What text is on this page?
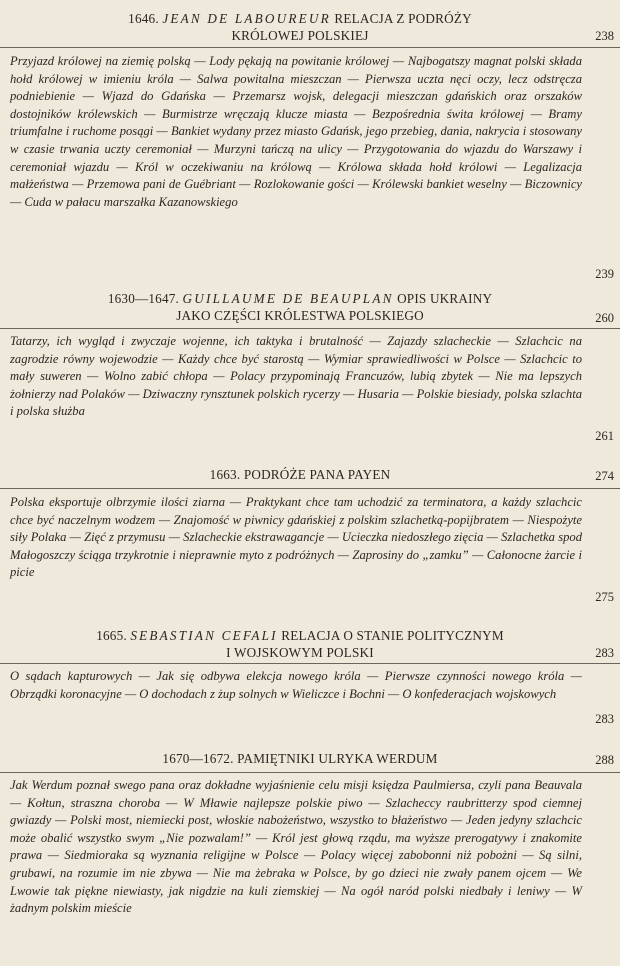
1646. JEAN DE LABOUREUR RELACJA Z PODRÓŻY
KRÓLOWEJ POLSKIEJ	238

Przyjazd królowej na ziemię polską — Lody pękają na powitanie królowej — Najbogatszy magnat polski składa hołd królowej w imieniu króla — Salwa powitalna mieszczan — Pierwsza uczta nęci oczy, lecz odstręcza podniebienie — Wjazd do Gdańska — Przemarsz wojsk, delegacji mieszczan gdańskich oraz orszaków dostojników królewskich — Burmistrze wręczają klucze miasta — Bezpośrednia świta królowej — Bramy triumfalne i ruchome posągi — Bankiet wydany przez miasto Gdańsk, jego przebieg, dania, nakrycia i stosowany w czasie trwania uczty ceremoniał — Murzyni tańczą na ulicy — Przygotowania do wjazdu do Warszawy i ceremoniał wjazdu — Król w oczekiwaniu na królową — Królowa składa hołd królowi — Legalizacja małżeństwa — Przemowa pani de Guébriant — Rozlokowanie gości — Królewski bankiet weselny — Biczownicy — Cuda w pałacu marszałka Kazanowskiego

239
1630—1647. GUILLAUME DE BEAUPLAN OPIS UKRAINY
JAKO CZĘŚCI KRÓLESTWA POLSKIEGO	260

Tatarzy, ich wygląd i zwyczaje wojenne, ich taktyka i brutalność — Zajazdy szlacheckie — Szlachcic na zagrodzie równy wojewodzie — Każdy chce być starostą — Wymiar sprawiedliwości w Polsce — Szlachcic to mały suweren — Wolno zabić chłopa — Polacy przypominają Francuzów, lubią zbytek — Nie ma lepszych żołnierzy nad Polaków — Dziwaczny rynsztunek polskich rycerzy — Husaria — Polskie biesiady, polska szlachta i polska służba

261
1663. PODRÓŻE PANA PAYEN	274

Polska eksportuje olbrzymie ilości ziarna — Praktykant chce tam uchodzić za terminatora, a każdy szlachcic chce być naczelnym wodzem — Znajomość w piwnicy gdańskiej z polskim szlachetką-popijbratem — Niespożyte siły Polaka — Zięć z przymusu — Szlacheckie ekstrawagancje — Ucieczka niedoszłego zięcia — Szlachetka spod Małogoszczy ściąga trzykrotnie i nieprawnie myto z podróżnych — Zaprosiny do „zamku” — Całonocne żarcie i picie

275
1665. SEBASTIAN CEFALI RELACJA O STANIE POLITYCZNYM
I WOJSKOWYM POLSKI	283

O sądach kapturowych — Jak się odbywa elekcja nowego króla — Pierwsze czynności nowego króla — Obrządki koronacyjne — O dochodach z żup solnych w Wieliczce i Bochni — O konfederacjach wojskowych

283
1670—1672. PAMIĘTNIKI ULRYKA WERDUM	288

Jak Werdum poznał swego pana oraz dokładne wyjaśnienie celu misji księdza Paulmiersa, czyli pana Beauvala — Kołtun, straszna choroba — W Mławie najlepsze polskie piwo — Szlacheccy raubritterzy spod ciemnej gwiazdy — Polski most, niemiecki post, włoskie nabożeństwo, wszystko to błażeństwo — Jeden jedyny szlachcic może obalić wszystko swym „Nie pozwalam!” — Król jest głową rządu, ma wyższe prerogatywy i znakomite prawa — Siedmioraka są wyznania religijne w Polsce — Polacy więcej zabobonni niż pobożni — Są silni, grubawi, na rozumie im nie zbywa — Nie ma żebraka w Polsce, by go dzieci nie zwały panem ojcem — We Lwowie tak piękne niewiasty, jak nigdzie na kuli ziemskiej — Na ogół naród polski niedbały i leniwy — W żadnym polskim mieście
